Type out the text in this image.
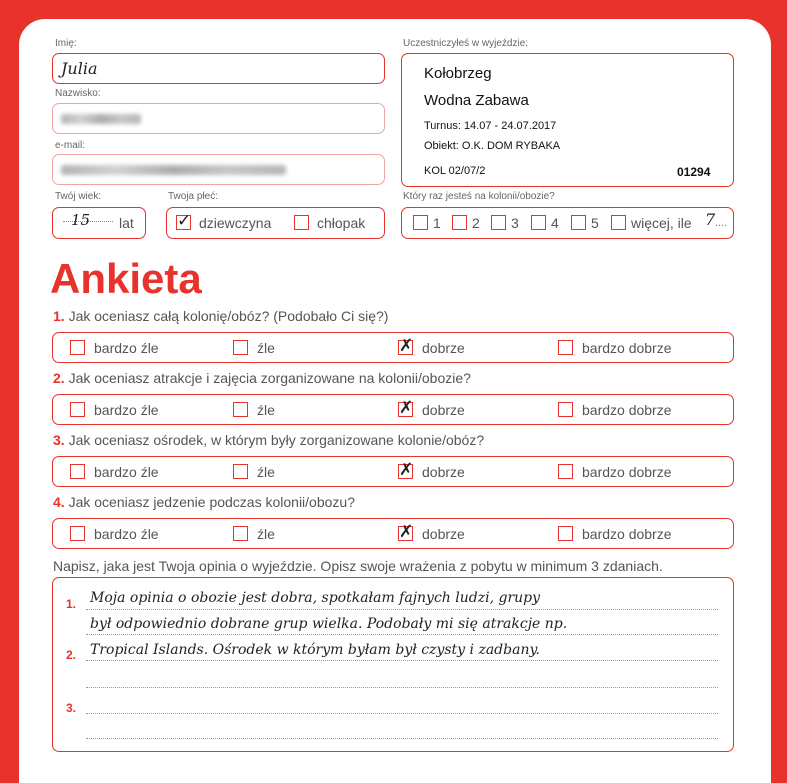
Imię:
Julia
Nazwisko:
e-mail:
Twój wiek:
15 lat
Twoja płeć:
✓ dziewczyna	chłopak
Uczestniczyłeś w wyjeździe:
Kołobrzeg
Wodna Zabawa
Turnus: 14.07 - 24.07.2017
Obiekt: O.K. DOM RYBAKA
KOL 02/07/2	01294
Który raz jesteś na kolonii/obozie?
1 2 3 4 5 więcej, ile 7 ....
Ankieta
1. Jak oceniasz całą kolonię/obóz? (Podobało Ci się?)
bardzo źle	źle	✗ dobrze	bardzo dobrze
2. Jak oceniasz atrakcje i zajęcia zorganizowane na kolonii/obozie?
bardzo źle	źle	✗ dobrze	bardzo dobrze
3. Jak oceniasz ośrodek, w którym były zorganizowane kolonie/obóz?
bardzo źle	źle	✗ dobrze	bardzo dobrze
4. Jak oceniasz jedzenie podczas kolonii/obozu?
bardzo źle	źle	✗ dobrze	bardzo dobrze
Napisz, jaka jest Twoja opinia o wyjeździe. Opisz swoje wrażenia z pobytu w minimum 3 zdaniach.
1.
2.
3.
Moja opinia o obozie jest dobra, spotkałam fajnych ludzi, grupy
był odpowiednio dobrane grup wielka. Podobały mi się atrakcje np.
Tropical Islands. Ośrodek w którym byłam był czysty i zadbany.
